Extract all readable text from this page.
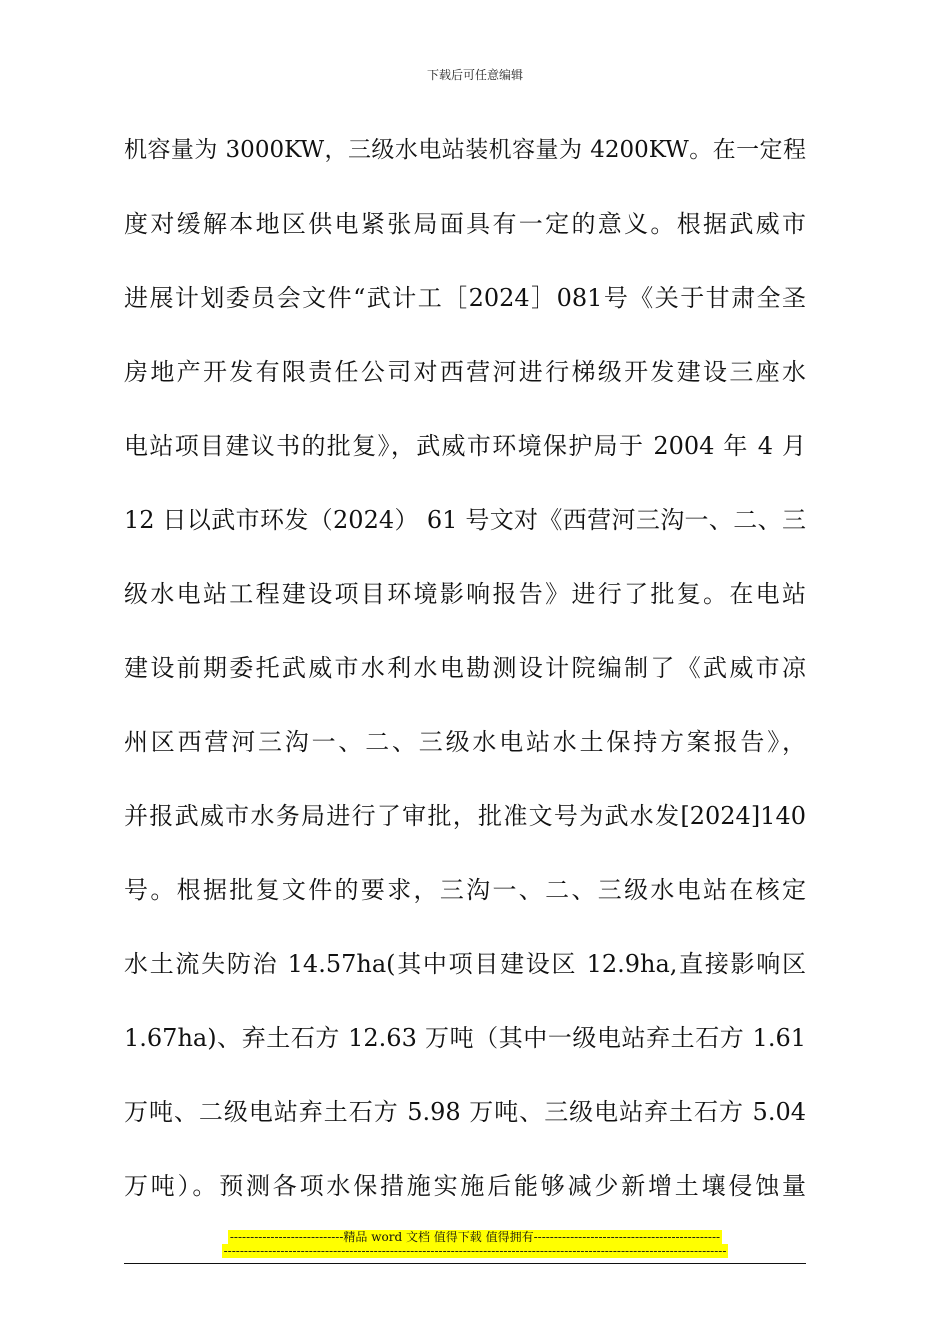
下载后可任意编辑
机容量为 3000KW，三级水电站装机容量为 4200KW。在一定程
度对缓解本地区供电紧张局面具有一定的意义。根据武威市
进展计划委员会文件“武计工［2024］081号《关于甘肃全圣
房地产开发有限责任公司对西营河进行梯级开发建设三座水
电站项目建议书的批复》，武威市环境保护局于 2004 年 4 月
12 日以武市环发（2024） 61 号文对《西营河三沟一、二、三
级水电站工程建设项目环境影响报告》进行了批复。在电站
建设前期委托武威市水利水电勘测设计院编制了《武威市凉
州区西营河三沟一、二、三级水电站水土保持方案报告》，
并报武威市水务局进行了审批，批准文号为武水发[2024]140
号。根据批复文件的要求，三沟一、二、三级水电站在核定
水土流失防治 14.57ha(其中项目建设区 12.9ha,直接影响区
1.67ha)、弃土石方 12.63 万吨（其中一级电站弃土石方 1.61
万吨、二级电站弃土石方 5.98 万吨、三级电站弃土石方 5.04
万吨）。预测各项水保措施实施后能够减少新增土壤侵蚀量
----------------------------精品 word 文档 值得下载 值得拥有----------------------------------------------
----------------------------------------------------------------------------------------------------------------------------
